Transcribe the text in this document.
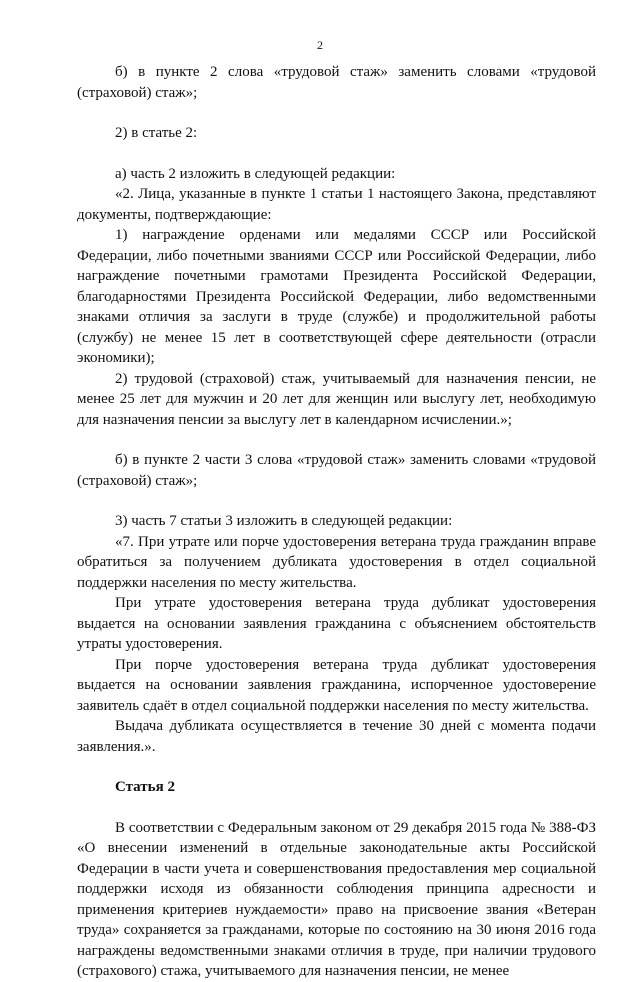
2

б) в пункте 2 слова «трудовой стаж» заменить словами «трудовой (страховой) стаж»;

2) в статье 2:

а) часть 2 изложить в следующей редакции:

«2. Лица, указанные в пункте 1 статьи 1 настоящего Закона, представляют документы, подтверждающие:

1) награждение орденами или медалями СССР или Российской Федерации, либо почетными званиями СССР или Российской Федерации, либо награждение почетными грамотами Президента Российской Федерации, благодарностями Президента Российской Федерации, либо ведомственными знаками отличия за заслуги в труде (службе) и продолжительной работы (службу) не менее 15 лет в соответствующей сфере деятельности (отрасли экономики);

2) трудовой (страховой) стаж, учитываемый для назначения пенсии, не менее 25 лет для мужчин и 20 лет для женщин или выслугу лет, необходимую для назначения пенсии за выслугу лет в календарном исчислении.»;

б) в пункте 2 части 3 слова «трудовой стаж» заменить словами «трудовой (страховой) стаж»;

3) часть 7 статьи 3 изложить в следующей редакции:

«7. При утрате или порче удостоверения ветерана труда гражданин вправе обратиться за получением дубликата удостоверения в отдел социальной поддержки населения по месту жительства.

При утрате удостоверения ветерана труда дубликат удостоверения выдается на основании заявления гражданина с объяснением обстоятельств утраты удостоверения.

При порче удостоверения ветерана труда дубликат удостоверения выдается на основании заявления гражданина, испорченное удостоверение заявитель сдаёт в отдел социальной поддержки населения по месту жительства.

Выдача дубликата осуществляется в течение 30 дней с момента подачи заявления.».

Статья 2

В соответствии с Федеральным законом от 29 декабря 2015 года № 388-ФЗ «О внесении изменений в отдельные законодательные акты Российской Федерации в части учета и совершенствования предоставления мер социальной поддержки исходя из обязанности соблюдения принципа адресности и применения критериев нуждаемости» право на присвоение звания «Ветеран труда» сохраняется за гражданами, которые по состоянию на 30 июня 2016 года награждены ведомственными знаками отличия в труде, при наличии трудового (страхового) стажа, учитываемого для назначения пенсии, не менее
